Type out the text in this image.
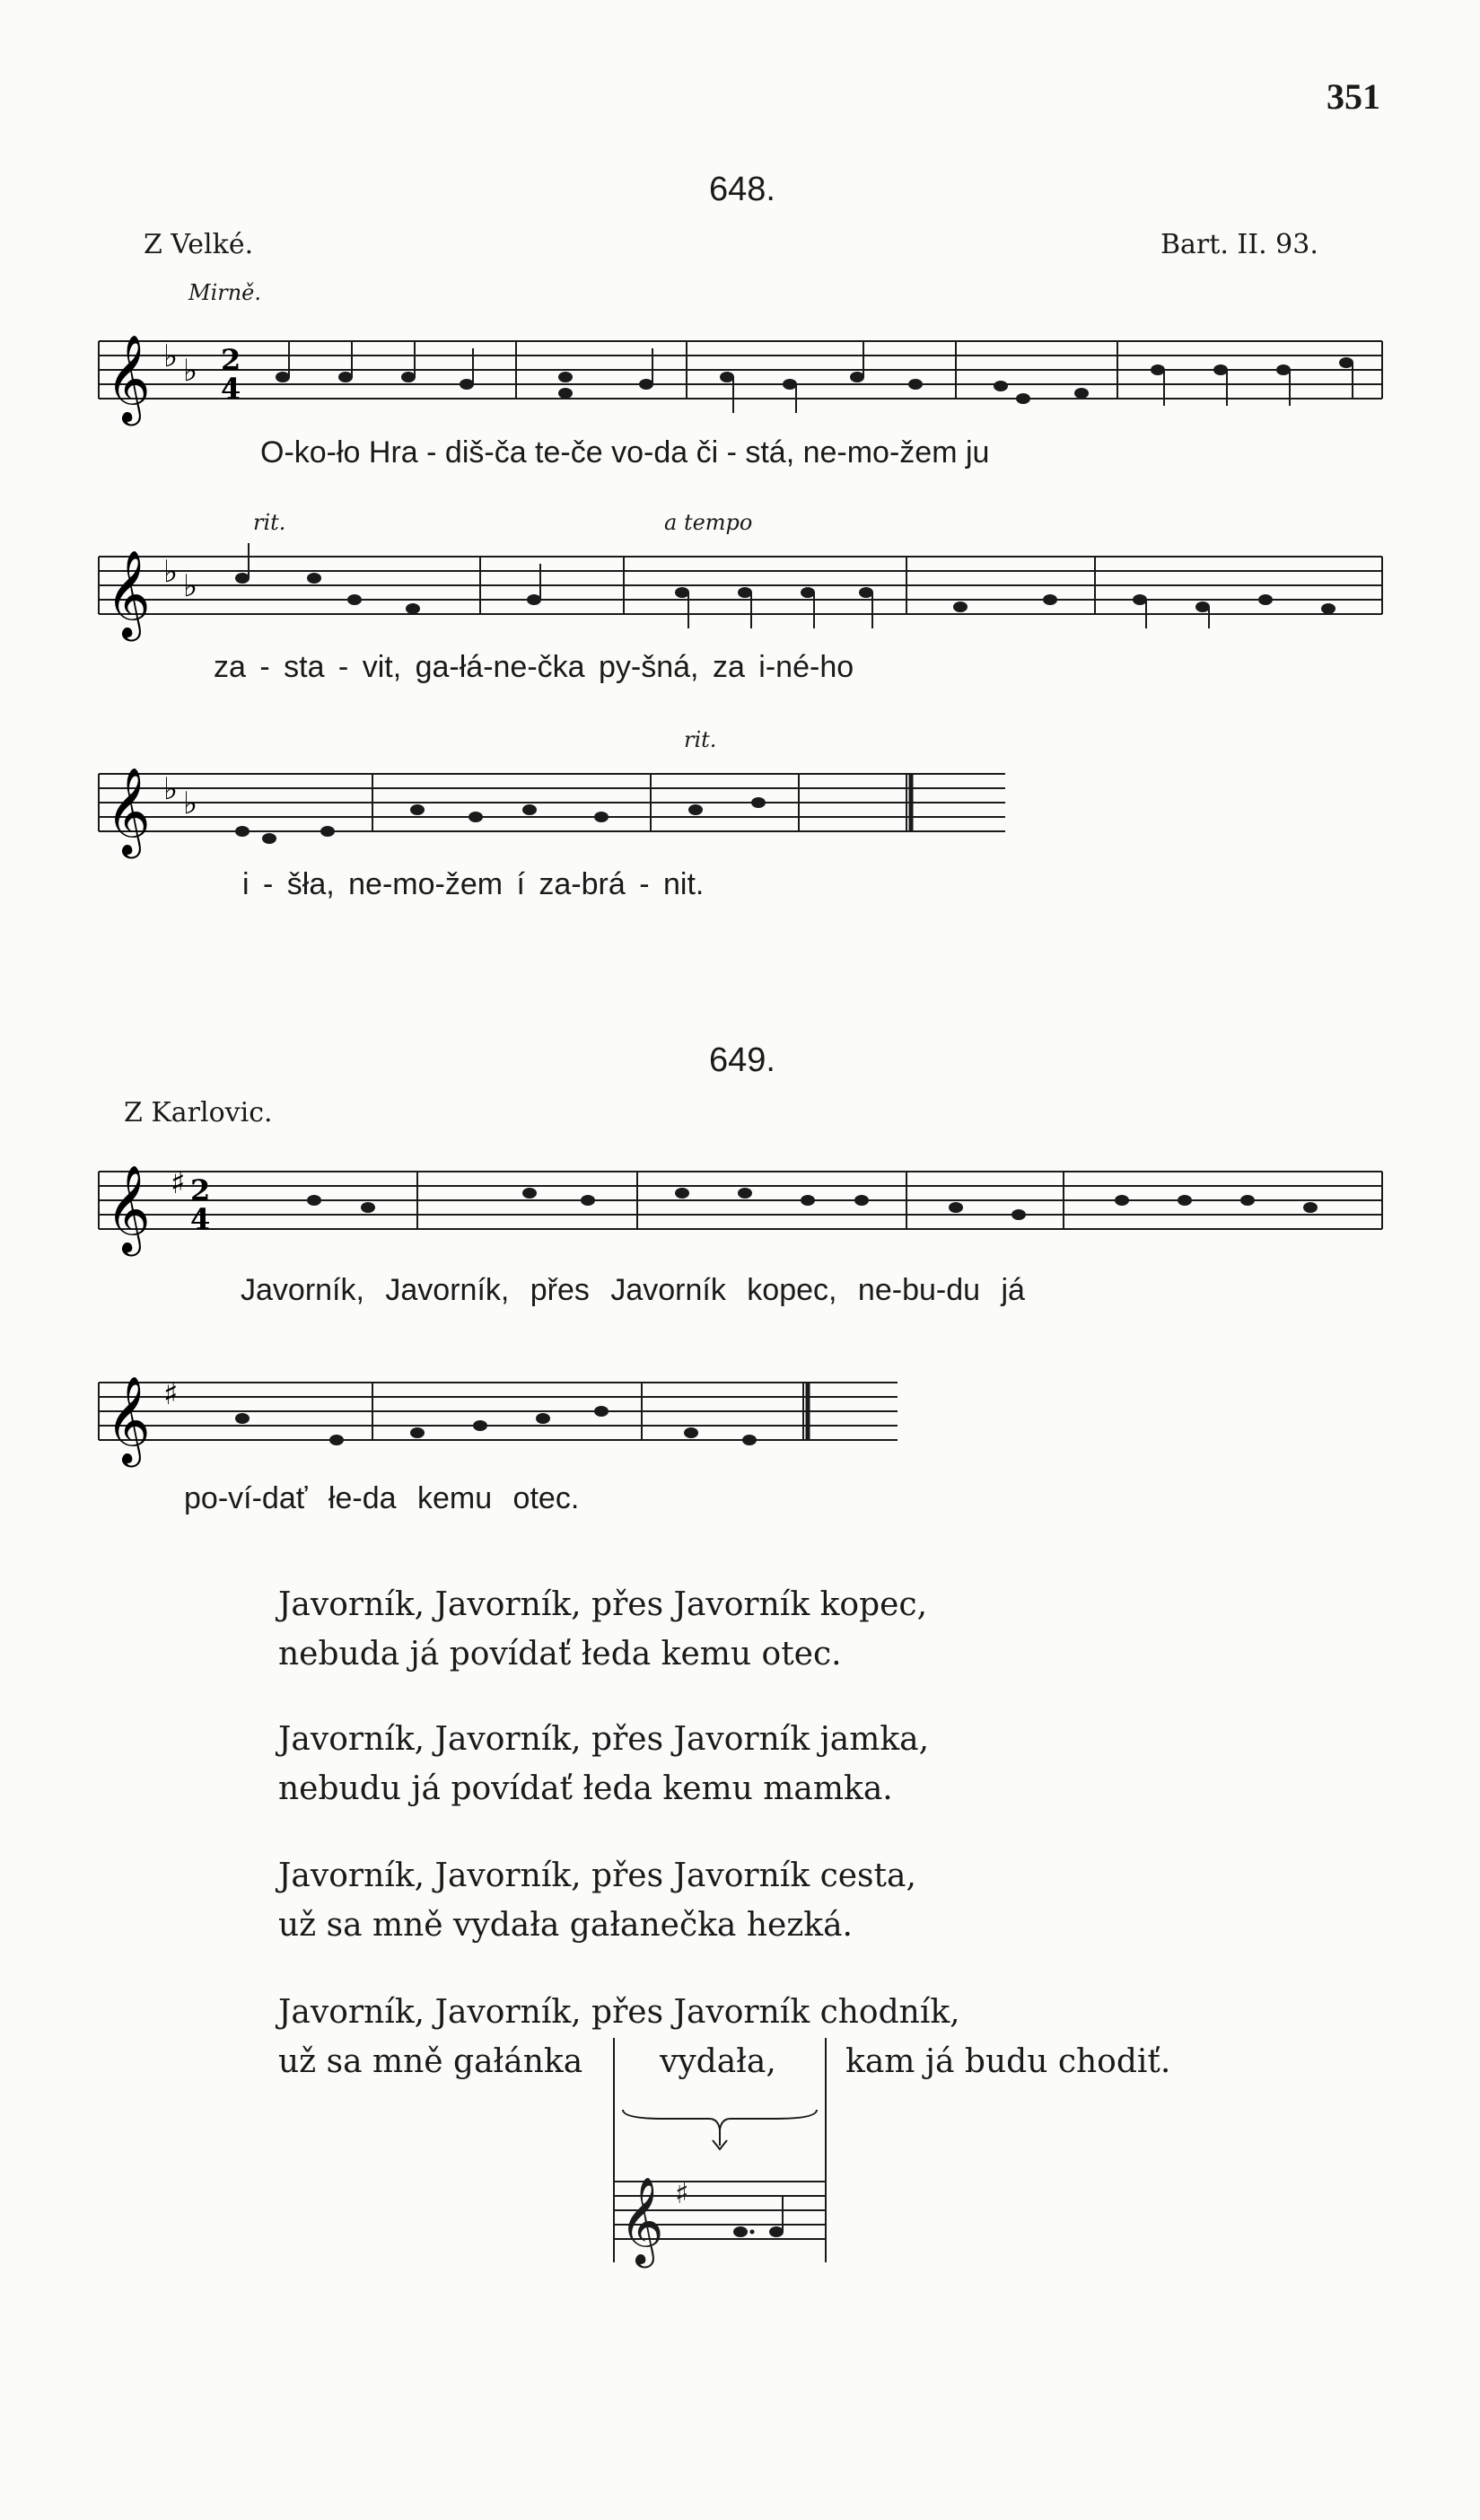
351
648.
Z Velké.	Bart. II. 93.
Mirně.
𝄞 ♭ ♭ 2
4
O-ko-ło Hra - diš-ča te-če vo-da či - stá, ne-mo-žem ju
rit.	a tempo
𝄞 ♭ ♭
za - sta - vit, ga-łá-ne-čka py-šná, za i-né-ho
rit.
𝄞 ♭ ♭
i - šła, ne-mo-žem í za-brá - nit.
649.
Z Karlovic.
𝄞 ♯ 2
4
Javorník, Javorník, přes Javorník kopec, ne-bu-du já
𝄞 ♯
po-ví-dať łe-da kemu otec.
Javorník, Javorník, přes Javorník kopec,
nebuda já povídať łeda kemu otec.
Javorník, Javorník, přes Javorník jamka,
nebudu já povídať łeda kemu mamka.
Javorník, Javorník, přes Javorník cesta,
už sa mně vydała gałanečka hezká.
Javorník, Javorník, přes Javorník chodník,
už sa mně gałánka vydała, kam já budu chodiť.
𝄞 ♯
